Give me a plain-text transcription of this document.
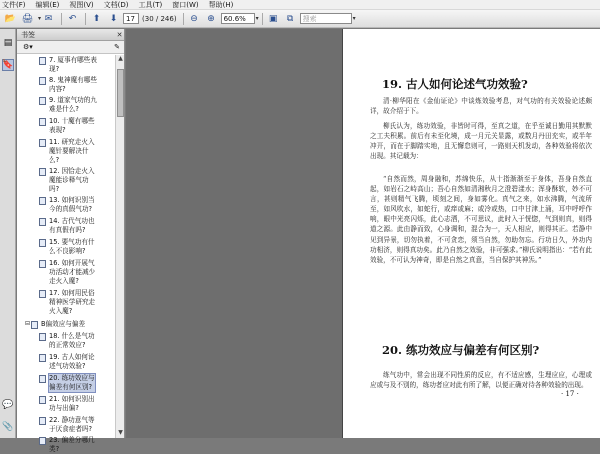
文件(F) 编辑(E) 视图(V) 文档(D) 工具(T) 窗口(W) 帮助(H)
📂 🖨 ▾ ✉	↶	⬆	⬇	17	(30 / 246)	⊖	⊕	60.6%	▾	▣	⧉	搜索	▾
▤
🔖
💬
📎
书签	✕
⚙▾	✎
7. 厦事有哪些表
现?
8. 鬼神魔有哪些
内容?
9. 道家气功的九
难是什么?
10. 十魔有哪些
表现?
11. 研究走火入
魔针要解决什
么?
12. 因恰走火入
魔能诊释气功
吗?
13. 如何识别当
今的真假气功?
14. 古代气功也
有真假有吗?
15. 要气功有什
么不良影响?
16. 如何开展气
功活动才能减少
走火入魔?
17. 如何用民俗
精神医学研究走
火入魔?
⊟ B偏效应与偏差
18. 什么是气功
的正常效应?
19. 古人如何论
述气功效验?
20. 练功效应与
偏差有何区别?
21. 如何识别出
功与出偏?
22. 静功意气等
于厌食症者吗?
23. 偏差分哪几
类?
▲
▼
19. 古人如何论述气功效验?
清·柳华阳在《金仙证论》中谈炼效验考息，对气功的有关效验论述颇详，故介绍于下。
柳氏认为，练功效验，非皆时可得，至真之道，在乎至诚日勤用其默默之工夫积累。前后有未至化境，成一月元关显露，或数月丹田充实，或半年冲开，而在于脚踏实地，且无懈怠则可，一路则天机发动，各种效验将依次出现。其记载为：
“自然而然，周身融和，苏绵快乐，从十指渐渐至于身体，吾身自然直起，如岩石之峙高山；吾心自然如清湘秋月之澄碧漾水；浑身酥软，妙不可言，甚则精气飞腾，顷刻之间，身如雾化。真气之来，如水沸腾，气流所至，如风吹水，如蛇行，或痒或麻；或冷或热，口中甘津上涌，耳中呼呼作响，眼中光亮闪烁，此心志洒，不可思议，此时入于恍惚，气到则真，则得道之源。此由静而致，心身调和，混合为一，天人相应，则得其正。若静中见到异景，切勿执着，不可贪恋，须当自然，勿助勿忘。行功日久，外功内功相济，则得真功矣。此乃自然之效验，非可强求。”柳氏说明指出：“若有此效验，不可认为神奇，即是自然之真意，当自保护其神炁。”
20. 练功效应与偏差有何区别?
练气功中，常会出现不同性质的反应，有不适应感，生理应应，心理或应或与及不别的，练功者应对此有所了解，以便正确对待各种效验的出现。
· 17 ·
